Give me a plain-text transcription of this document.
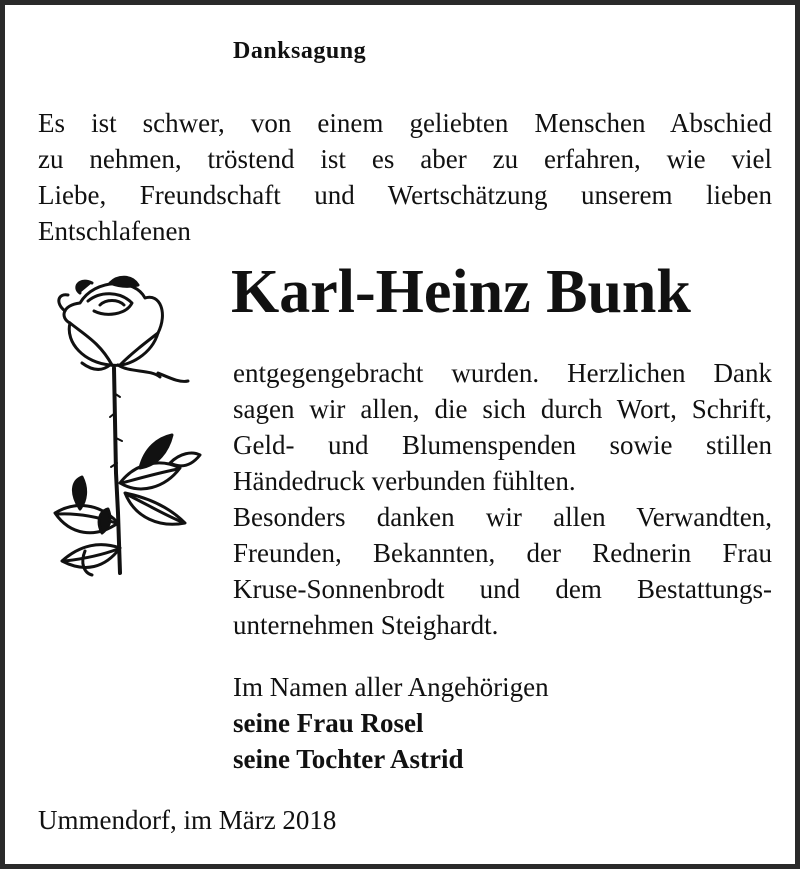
Danksagung
Es ist schwer, von einem geliebten Menschen Abschied
zu nehmen, tröstend ist es aber zu erfahren, wie viel
Liebe, Freundschaft und Wertschätzung unserem lieben
Entschlafenen
Karl-Heinz Bunk
entgegengebracht wurden. Herzlichen Dank
sagen wir allen, die sich durch Wort, Schrift,
Geld- und Blumenspenden sowie stillen
Händedruck verbunden fühlten.
Besonders danken wir allen Verwandten,
Freunden, Bekannten, der Rednerin Frau
Kruse-Sonnenbrodt und dem Bestattungs-
unternehmen Steighardt.
Im Namen aller Angehörigen
seine Frau Rosel
seine Tochter Astrid
Ummendorf, im März 2018
